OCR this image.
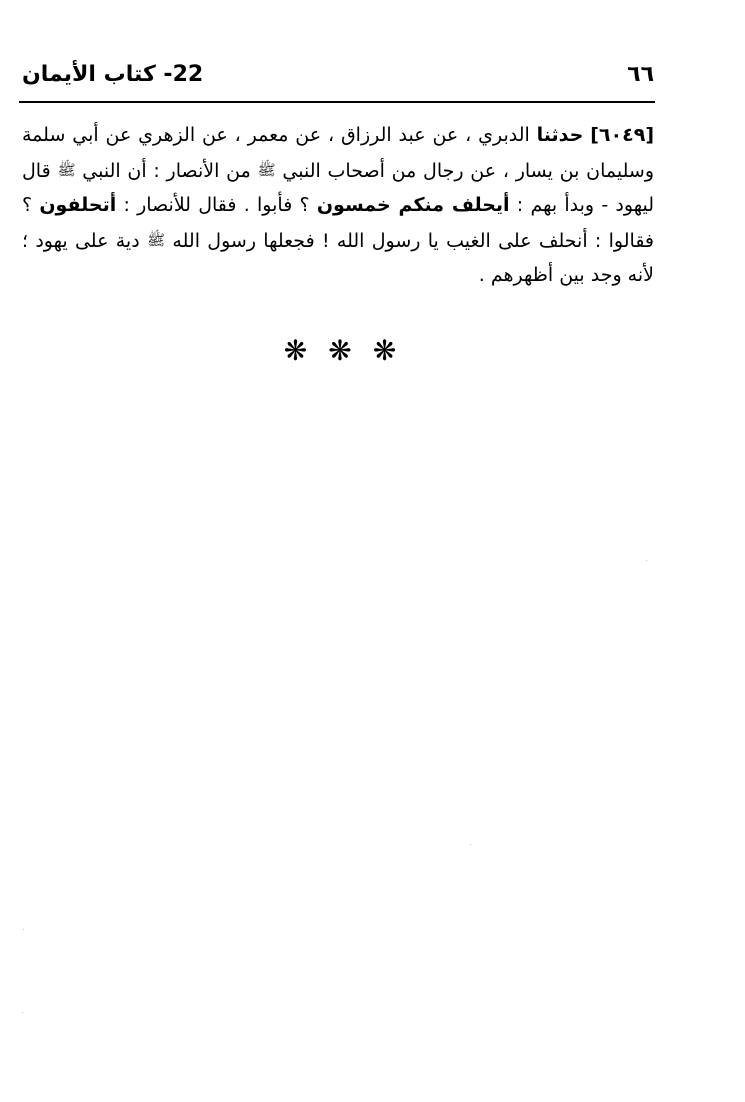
٦٦
22- كتاب الأيمان

[٦٠٤٩] حدثنا الدبري ، عن عبد الرزاق ، عن معمر ، عن الزهري عن أبي سلمة وسليمان بن يسار ، عن رجال من أصحاب النبي ﷺ من الأنصار : أن النبي ﷺ قال ليهود - وبدأ بهم : أيحلف منكم خمسون ؟ فأبوا . فقال للأنصار : أتحلفون ؟ فقالوا : أنحلف على الغيب يا رسول الله ! فجعلها رسول الله ﷺ دية على يهود ؛ لأنه وجد بين أظهرهم .

❋ ❋ ❋
